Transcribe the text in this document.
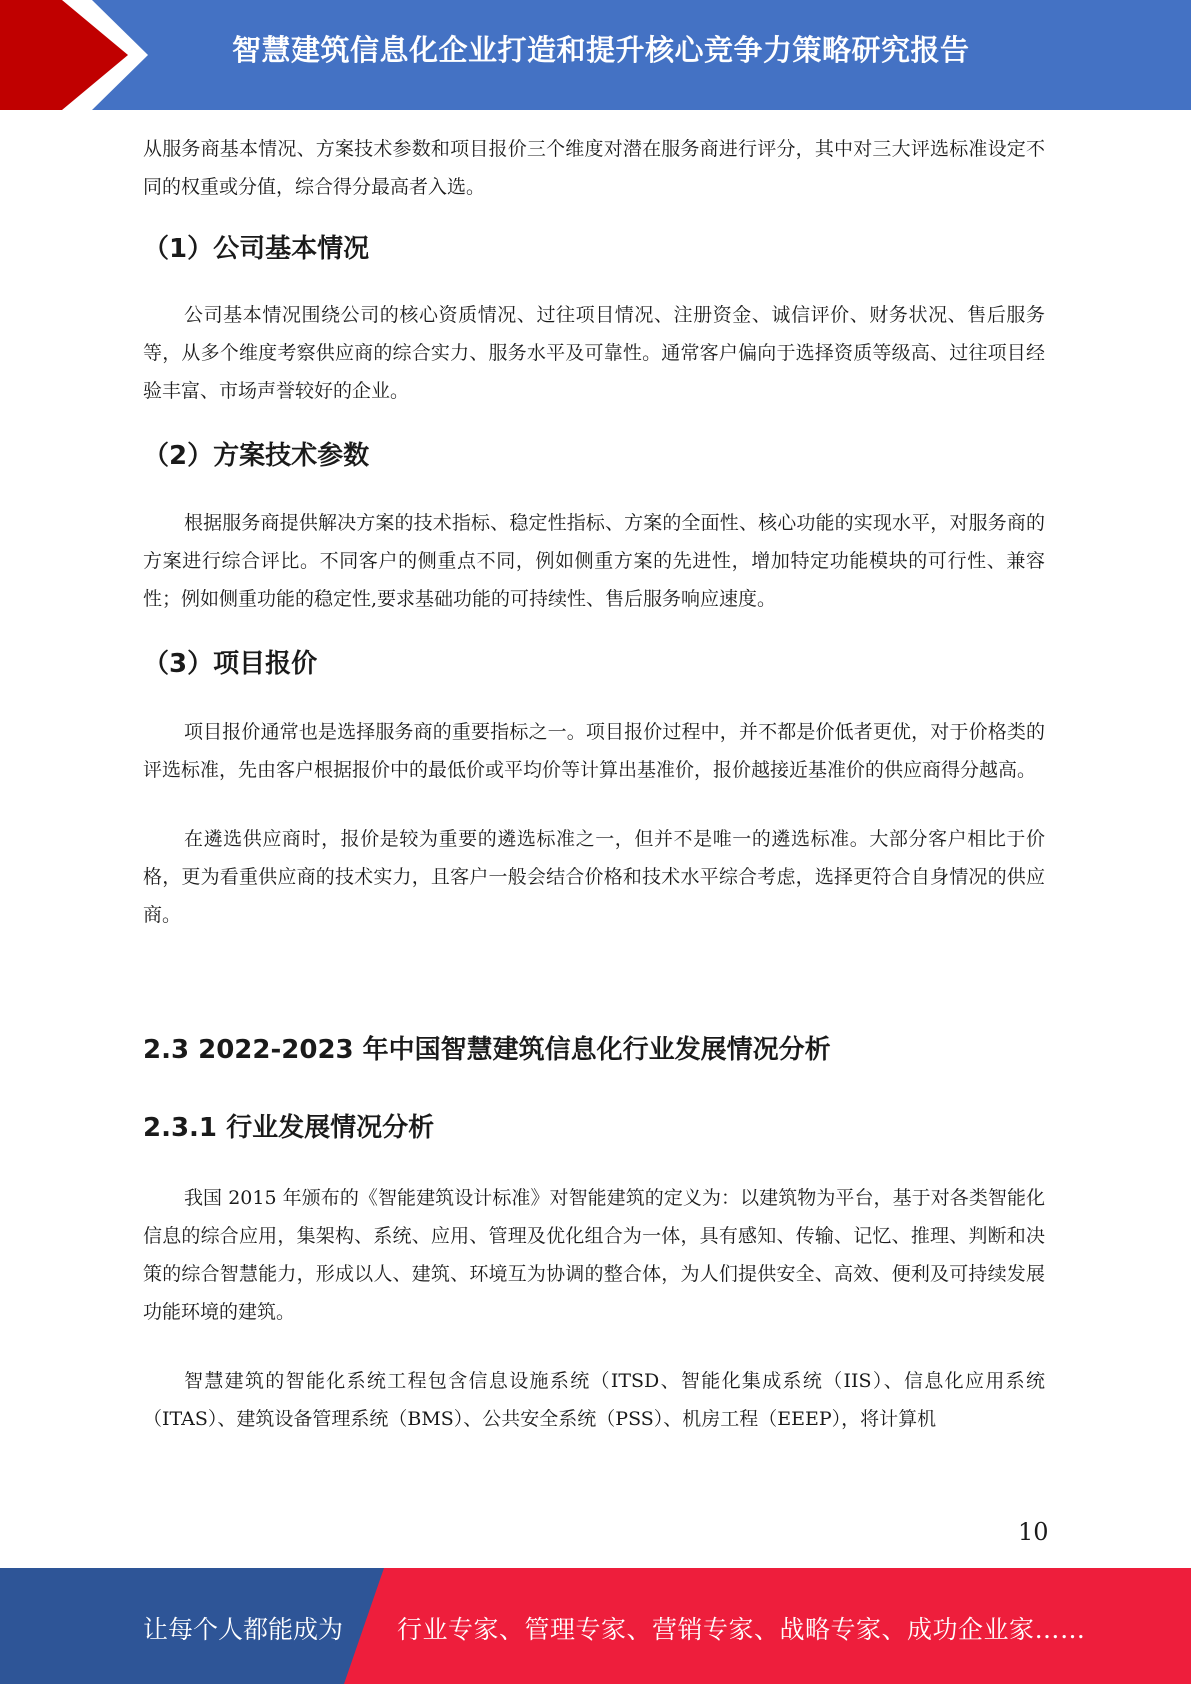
智慧建筑信息化企业打造和提升核心竞争力策略研究报告

从服务商基本情况、方案技术参数和项目报价三个维度对潜在服务商进行评分，其中对三大评选标准设定不同的权重或分值，综合得分最高者入选。

（1）公司基本情况

公司基本情况围绕公司的核心资质情况、过往项目情况、注册资金、诚信评价、财务状况、售后服务等，从多个维度考察供应商的综合实力、服务水平及可靠性。通常客户偏向于选择资质等级高、过往项目经验丰富、市场声誉较好的企业。

（2）方案技术参数

根据服务商提供解决方案的技术指标、稳定性指标、方案的全面性、核心功能的实现水平，对服务商的方案进行综合评比。不同客户的侧重点不同，例如侧重方案的先进性，增加特定功能模块的可行性、兼容性；例如侧重功能的稳定性,要求基础功能的可持续性、售后服务响应速度。

（3）项目报价

项目报价通常也是选择服务商的重要指标之一。项目报价过程中，并不都是价低者更优，对于价格类的评选标准，先由客户根据报价中的最低价或平均价等计算出基准价，报价越接近基准价的供应商得分越高。

在遴选供应商时，报价是较为重要的遴选标准之一，但并不是唯一的遴选标准。大部分客户相比于价格，更为看重供应商的技术实力，且客户一般会结合价格和技术水平综合考虑，选择更符合自身情况的供应商。

2.3 2022-2023 年中国智慧建筑信息化行业发展情况分析
2.3.1 行业发展情况分析

我国 2015 年颁布的《智能建筑设计标准》对智能建筑的定义为：以建筑物为平台，基于对各类智能化信息的综合应用，集架构、系统、应用、管理及优化组合为一体，具有感知、传输、记忆、推理、判断和决策的综合智慧能力，形成以人、建筑、环境互为协调的整合体，为人们提供安全、高效、便利及可持续发展功能环境的建筑。

智慧建筑的智能化系统工程包含信息设施系统（ITSD、智能化集成系统（IIS）、信息化应用系统（ITAS）、建筑设备管理系统（BMS）、公共安全系统（PSS）、机房工程（EEEP），将计算机

10
让每个人都能成为 行业专家、管理专家、营销专家、战略专家、成功企业家……
